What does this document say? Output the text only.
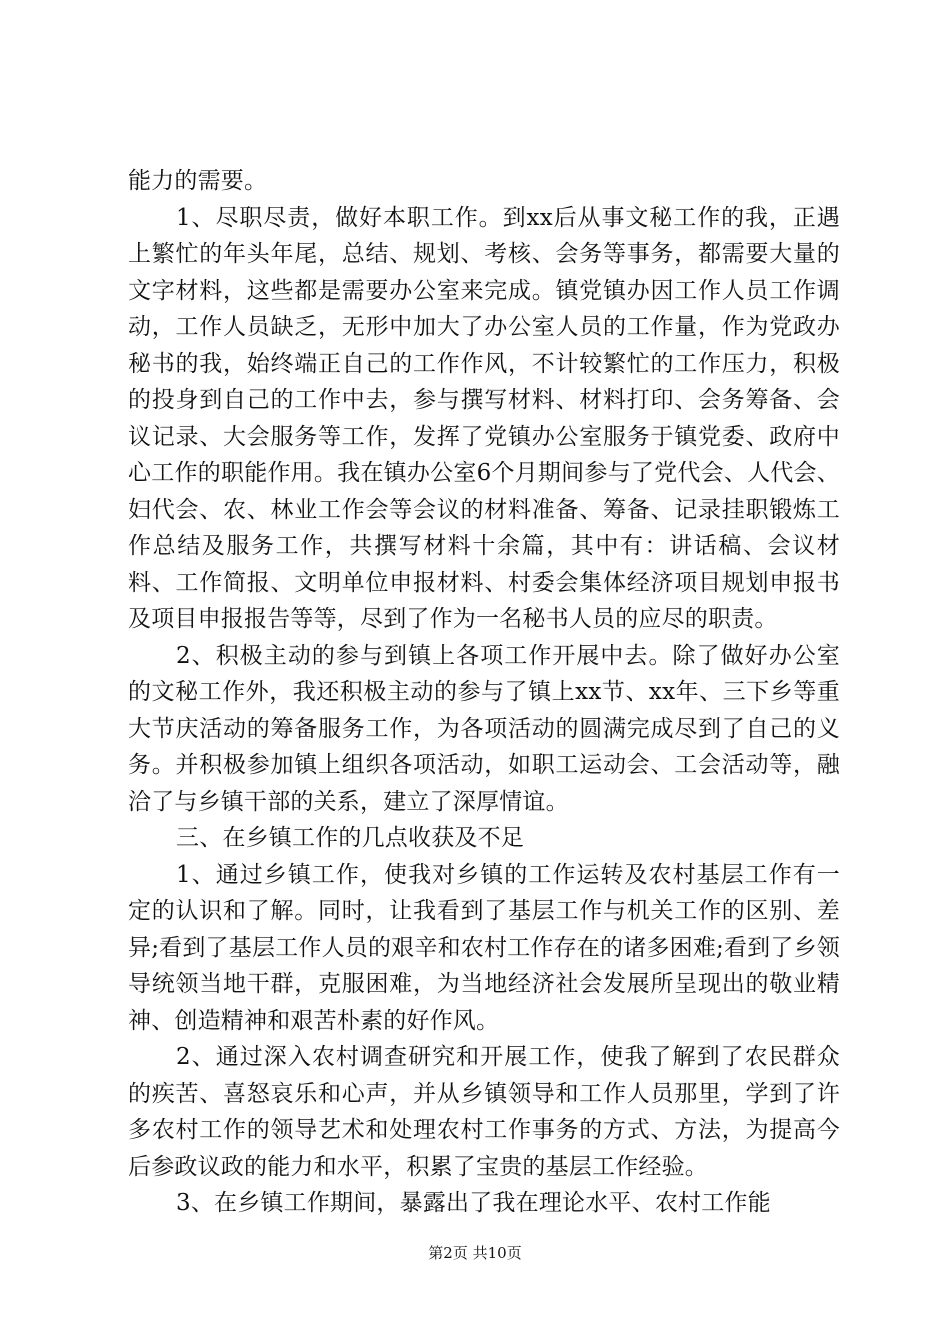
能力的需要。

1、尽职尽责，做好本职工作。到xx后从事文秘工作的我，正遇上繁忙的年头年尾，总结、规划、考核、会务等事务，都需要大量的文字材料，这些都是需要办公室来完成。镇党镇办因工作人员工作调动，工作人员缺乏，无形中加大了办公室人员的工作量，作为党政办秘书的我，始终端正自己的工作作风，不计较繁忙的工作压力，积极的投身到自己的工作中去，参与撰写材料、材料打印、会务筹备、会议记录、大会服务等工作，发挥了党镇办公室服务于镇党委、政府中心工作的职能作用。我在镇办公室6个月期间参与了党代会、人代会、妇代会、农、林业工作会等会议的材料准备、筹备、记录挂职锻炼工作总结及服务工作，共撰写材料十余篇，其中有：讲话稿、会议材料、工作简报、文明单位申报材料、村委会集体经济项目规划申报书及项目申报报告等等，尽到了作为一名秘书人员的应尽的职责。

2、积极主动的参与到镇上各项工作开展中去。除了做好办公室的文秘工作外，我还积极主动的参与了镇上xx节、xx年、三下乡等重大节庆活动的筹备服务工作，为各项活动的圆满完成尽到了自己的义务。并积极参加镇上组织各项活动，如职工运动会、工会活动等，融洽了与乡镇干部的关系，建立了深厚情谊。

三、在乡镇工作的几点收获及不足

1、通过乡镇工作，使我对乡镇的工作运转及农村基层工作有一定的认识和了解。同时，让我看到了基层工作与机关工作的区别、差异;看到了基层工作人员的艰辛和农村工作存在的诸多困难;看到了乡领导统领当地干群，克服困难，为当地经济社会发展所呈现出的敬业精神、创造精神和艰苦朴素的好作风。

2、通过深入农村调查研究和开展工作，使我了解到了农民群众的疾苦、喜怒哀乐和心声，并从乡镇领导和工作人员那里，学到了许多农村工作的领导艺术和处理农村工作事务的方式、方法，为提高今后参政议政的能力和水平，积累了宝贵的基层工作经验。

3、在乡镇工作期间，暴露出了我在理论水平、农村工作能

第2页 共10页
